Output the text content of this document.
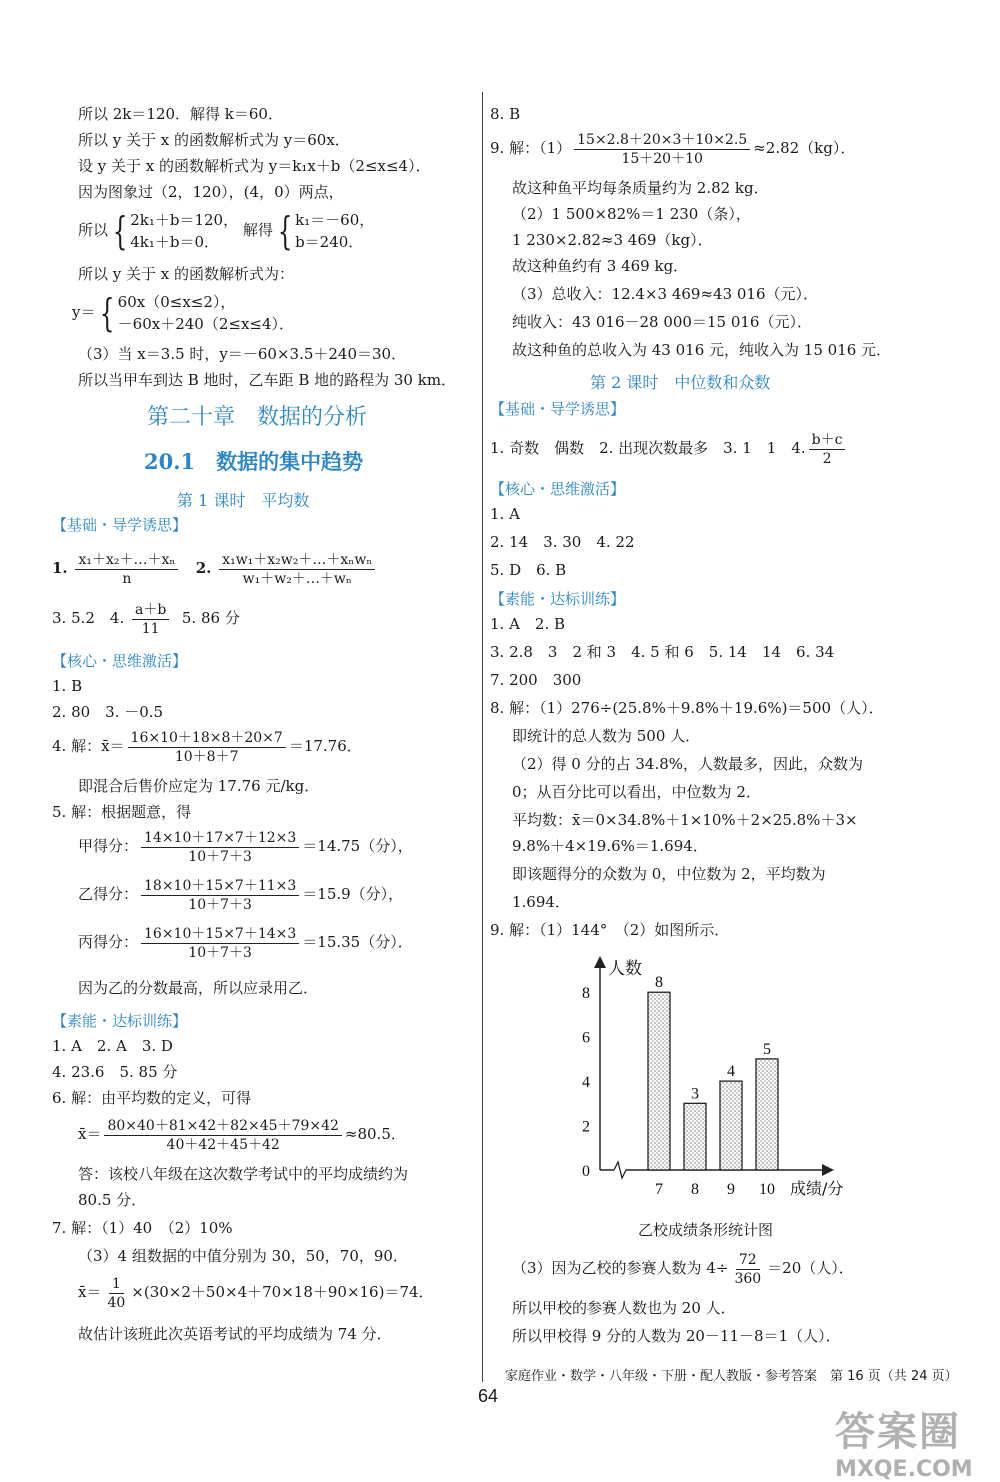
所以 2k＝120．解得 k＝60．
所以 y 关于 x 的函数解析式为 y＝60x．
设 y 关于 x 的函数解析式为 y＝k₁x＋b（2≤x≤4）．
因为图象过（2，120），(4，0）两点，
所以 { 2k₁＋b＝120，
4k₁＋b＝0．
解得 { k₁＝－60，
b＝240．
所以 y 关于 x 的函数解析式为：
y＝ { 60x（0≤x≤2），
－60x＋240（2≤x≤4）．
（3）当 x＝3.5 时，y＝－60×3.5＋240＝30．
所以当甲车到达 B 地时，乙车距 B 地的路程为 30 km．
第二十章　数据的分析
20.1　数据的集中趋势
第 1 课时　平均数
【基础・导学诱思】
1. $\frac{\text{x₁＋x₂＋…＋xₙ}}{n} 2$. $\frac{\text{x₁w₁＋x₂w₂＋…＋xₙwₙ}}{\text{w₁＋w₂＋…＋wₙ}}$
3. 5.2　4. $\frac{a+b}{11} 5$. 86 分
【核心・思维激活】
1. B
2. 80　3. －0.5
4. 解：x̄＝ $\frac{16\times 10+18\times 8+20\times 7}{10+8+7} =17.76$．
即混合后售价应定为 17.76 元/kg．
5. 解：根据题意，得
甲得分： $\frac{14\times 10+17\times 7+12\times 3}{10+7+3} =14.75$（分），
乙得分： $\frac{18\times 10+15\times 7+11\times 3}{10+7+3} =15.9$（分），
丙得分： $\frac{16\times 10+15\times 7+14\times 3}{10+7+3} =15.35$（分）．
因为乙的分数最高，所以应录用乙．
【素能・达标训练】
1. A　2. A　3. D
4. 23.6　5. 85 分
6. 解：由平均数的定义，可得
x̄＝ $\frac{80\times 40+81\times 42+82\times 45+79\times 42}{40+42+45+42} \approx 80.5$．
答：该校八年级在这次数学考试中的平均成绩约为
80.5 分．
7. 解：（1）40　（2）10%
（3）4 组数据的中值分别为 30，50，70，90．
x̄＝ $\frac{1}{40} \times(30\times 2+50\times 4+70\times 18+90\times 16)=74$．
故估计该班此次英语考试的平均成绩为 74 分．
8. B
9. 解：$(1) \frac{15\times 2.8+20\times 3+10\times 2.5}{15+20+10} \approx 2.82(kg)$．
故这种鱼平均每条质量约为 2.82 kg．
（2）1 500×82%＝1 230（条），
1 230×2.82≈3 469（kg）．
故这种鱼约有 3 469 kg．
（3）总收入：12.4×3 469≈43 016（元）．
纯收入：43 016－28 000＝15 016（元）．
故这种鱼的总收入为 43 016 元，纯收入为 15 016 元．
第 2 课时　中位数和众数
【基础・导学诱思】
1. 奇数　偶数　2. 出现次数最多　3. 1　1　4. $\frac{b+c}{2}$
【核心・思维激活】
1. A
2. 14　3. 30　4. 22
5. D　6. B
【素能・达标训练】
1. A　2. B
3. 2.8　3　2 和 3　4. 5 和 6　5. 14　14　6. 34
7. 200　300
8. 解：（1）276÷(25.8%＋9.8%＋19.6%)＝500（人）．
即统计的总人数为 500 人．
（2）得 0 分的占 34.8%，人数最多，因此，众数为
0；从百分比可以看出，中位数为 2．
平均数：x̄＝0×34.8%＋1×10%＋2×25.8%＋3×
9.8%＋4×19.6%＝1.694．
即该题得分的众数为 0，中位数为 2，平均数为
1.694．
9. 解：（1）144°　（2）如图所示．
（3）因为乙校的参赛人数为 $4\div \frac{72}{360} =20$（人）．
所以甲校的参赛人数也为 20 人．
所以甲校得 9 分的人数为 20－11－8＝1（人）．
人数
0
2
4
6
8
8
7
3
8
4
9
5
10 成绩/分
乙校成绩条形统计图
家庭作业・数学・八年级・下册・配人教版・参考答案　第 16 页（共 24 页）
64
答案圈
MXQE.COM
